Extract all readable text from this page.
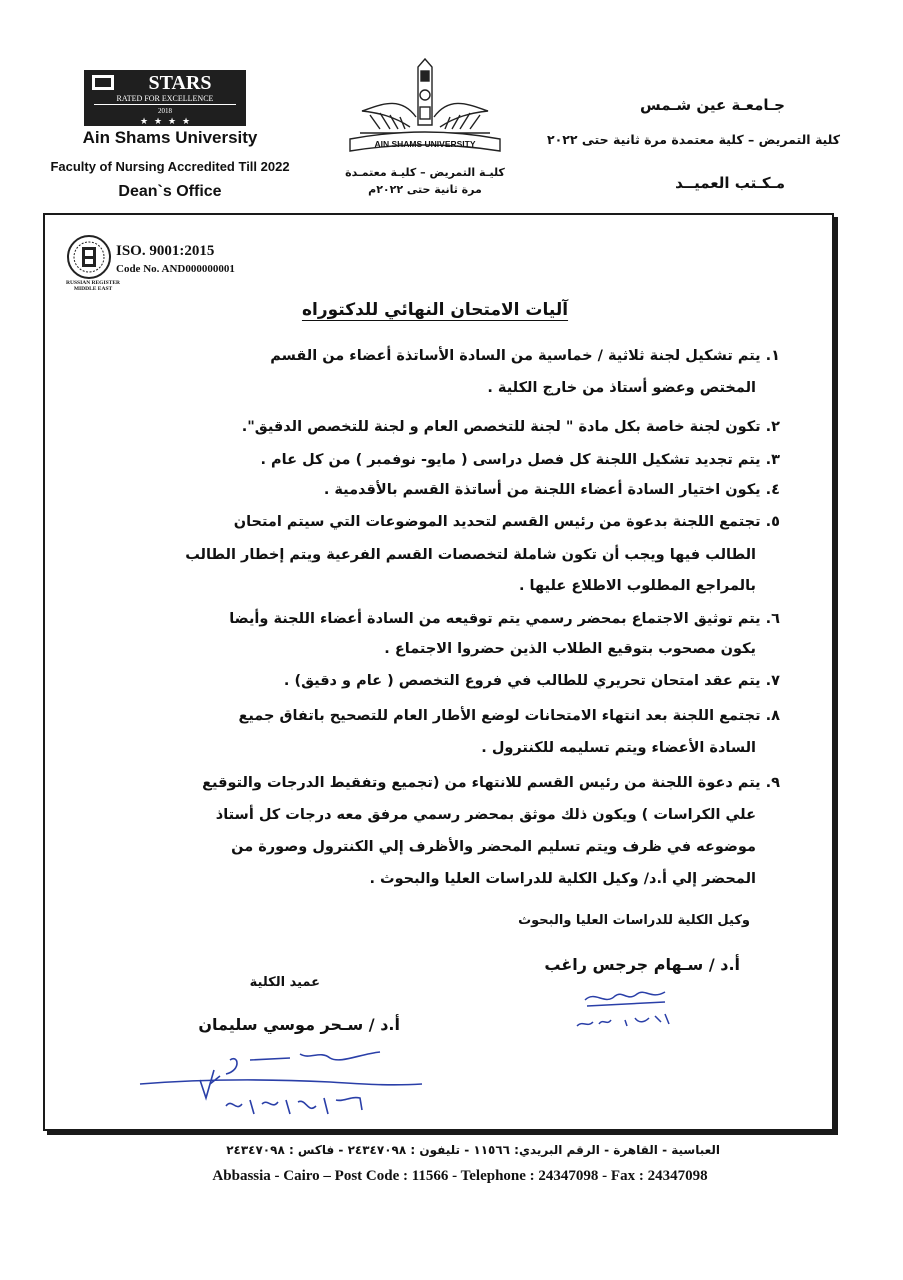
STARS
RATED FOR EXCELLENCE
2018
★ ★ ★ ★
Ain Shams University
Faculty of Nursing Accredited Till 2022
Dean`s Office
AIN SHAMS UNIVERSITY
كليـة التمريض – كليـة معتمـدة
مرة ثانية حتى ٢٠٢٢م
جـامعـة عين شـمس
كلية التمريض – كلية معتمدة مرة ثانية حتى ٢٠٢٢
مـكـتب العميــد
RUSSIAN REGISTER
MIDDLE EAST
ISO. 9001:2015
Code No. AND000000001
آليات الامتحان النهائي للدكتوراه
١. يتم تشكيل لجنة ثلاثية / خماسية من السادة الأساتذة أعضاء من القسم
المختص وعضو أستاذ من خارج الكلية .
٢. تكون لجنة خاصة بكل مادة " لجنة للتخصص العام و لجنة للتخصص الدقيق".
٣. يتم تجديد تشكيل اللجنة كل فصل دراسى ( مايو- نوفمبر ) من كل عام .
٤. يكون اختيار السادة أعضاء اللجنة من أساتذة القسم بالأقدمية .
٥. تجتمع اللجنة بدعوة من رئيس القسم لتحديد الموضوعات التي سيتم امتحان
الطالب فيها ويجب أن تكون شاملة لتخصصات القسم الفرعية ويتم إخطار الطالب
بالمراجع المطلوب الاطلاع عليها .
٦. يتم توثيق الاجتماع بمحضر رسمي يتم توقيعه من السادة أعضاء اللجنة وأيضا
يكون مصحوب بتوقيع الطلاب الذين حضروا الاجتماع .
٧. يتم عقد امتحان تحريري للطالب في فروع التخصص ( عام و دقيق) .
٨. تجتمع اللجنة بعد انتهاء الامتحانات لوضع الأطار العام للتصحيح باتفاق جميع
السادة الأعضاء ويتم تسليمه للكنترول .
٩. يتم دعوة اللجنة من رئيس القسم للانتهاء من (تجميع وتفقيط الدرجات والتوقيع
علي الكراسات ) ويكون ذلك موثق بمحضر رسمي مرفق معه درجات كل أستاذ
موضوعه في ظرف ويتم تسليم المحضر والأظرف إلي الكنترول وصورة من
المحضر إلي أ.د/ وكيل الكلية للدراسات العليا والبحوث .
وكيل الكلية للدراسات العليا والبحوث
أ.د / سـهام جرجس راغب
عميد الكلية
أ.د / سـحر موسي سليمان
العباسية - القاهرة - الرقم البريدي: ١١٥٦٦ - تليفون : ٢٤٣٤٧٠٩٨ - فاكس : ٢٤٣٤٧٠٩٨
Abbassia - Cairo – Post Code : 11566 - Telephone : 24347098 - Fax : 24347098
